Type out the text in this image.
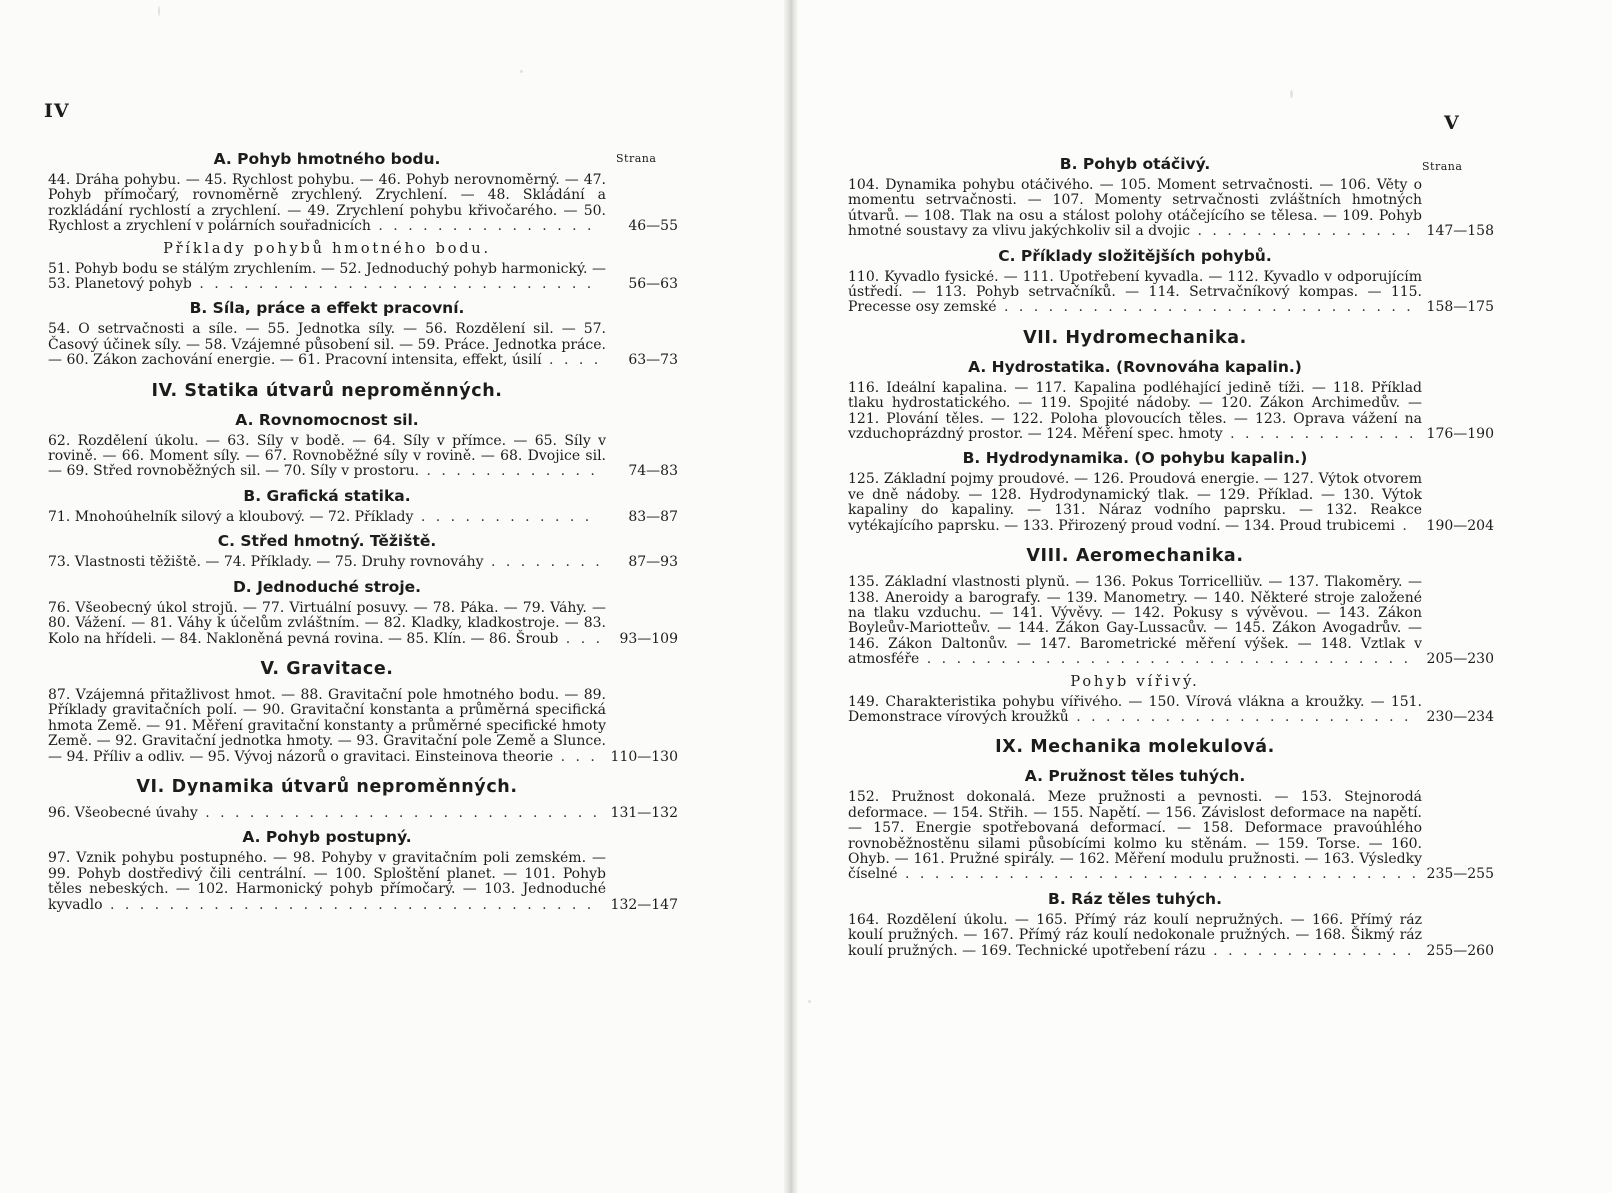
IV
Strana
A. Pohyb hmotného bodu.
44. Dráha pohybu. — 45. Rychlost pohybu. — 46. Pohyb nerovnoměrný. — 47. Pohyb přímočarý, rovnoměrně zrychlený. Zrychlení. — 48. Skládání a rozkládání rychlostí a zrychlení. — 49. Zrychlení pohybu křivočarého. — 50. Rychlost a zrychlení v polárních souřadnicích . . . . . . . . . . . . . . .	46—55
Příklady pohybů hmotného bodu.
51. Pohyb bodu se stálým zrychlením. — 52. Jednoduchý pohyb harmonický. — 53. Planetový pohyb . . . . . . . . . . . . . . . . . . . . . . . . . . .	56—63
B. Síla, práce a effekt pracovní.
54. O setrvačnosti a síle. — 55. Jednotka síly. — 56. Rozdělení sil. — 57. Časový účinek síly. — 58. Vzájemné působení sil. — 59. Práce. Jednotka práce. — 60. Zákon zachování energie. — 61. Pracovní intensita, effekt, úsilí . . . .	63—73
IV. Statika útvarů neproměnných.
A. Rovnomocnost sil.
62. Rozdělení úkolu. — 63. Síly v bodě. — 64. Síly v přímce. — 65. Síly v rovině. — 66. Moment síly. — 67. Rovnoběžné síly v rovině. — 68. Dvojice sil. — 69. Střed rovnoběžných sil. — 70. Síly v prostoru. . . . . . . . . . . . .	74—83
B. Grafická statika.
71. Mnohoúhelník silový a kloubový. — 72. Příklady . . . . . . . . . . . .	83—87
C. Střed hmotný. Těžiště.
73. Vlastnosti těžiště. — 74. Příklady. — 75. Druhy rovnováhy . . . . . . . .	87—93
D. Jednoduché stroje.
76. Všeobecný úkol strojů. — 77. Virtuální posuvy. — 78. Páka. — 79. Váhy. — 80. Vážení. — 81. Váhy k účelům zvláštním. — 82. Kladky, kladkostroje. — 83. Kolo na hřídeli. — 84. Nakloněná pevná rovina. — 85. Klín. — 86. Šroub . . .	93—109
V. Gravitace.
87. Vzájemná přitažlivost hmot. — 88. Gravitační pole hmotného bodu. — 89. Příklady gravitačních polí. — 90. Gravitační konstanta a průměrná specifická hmota Země. — 91. Měření gravitační konstanty a průměrné specifické hmoty Země. — 92. Gravitační jednotka hmoty. — 93. Gravitační pole Země a Slunce. — 94. Příliv a odliv. — 95. Vývoj názorů o gravitaci. Einsteinova theorie . . . 110—130
VI. Dynamika útvarů neproměnných.
96. Všeobecné úvahy . . . . . . . . . . . . . . . . . . . . . . . . . . . 131—132
A. Pohyb postupný.
97. Vznik pohybu postupného. — 98. Pohyby v gravitačním poli zemském. — 99. Pohyb dostředivý čili centrální. — 100. Sploštění planet. — 101. Pohyb těles nebeských. — 102. Harmonický pohyb přímočarý. — 103. Jednoduché kyvadlo . . . . . . . . . . . . . . . . . . . . . . . . . . . . . . . . .	132—147
V
Strana
B. Pohyb otáčivý.
104. Dynamika pohybu otáčivého. — 105. Moment setrvačnosti. — 106. Věty o momentu setrvačnosti. — 107. Momenty setrvačnosti zvláštních hmotných útvarů. — 108. Tlak na osu a stálost polohy otáčejícího se tělesa. — 109. Pohyb hmotné soustavy za vlivu jakýchkoliv sil a dvojic . . . . . . . . . . . . . . . 147—158
C. Příklady složitějších pohybů.
110. Kyvadlo fysické. — 111. Upotřebení kyvadla. — 112. Kyvadlo v odporujícím ústředí. — 113. Pohyb setrvačníků. — 114. Setrvačníkový kompas. — 115. Precesse osy zemské . . . . . . . . . . . . . . . . . . . . . . . . . . . . 158—175
VII. Hydromechanika.
A. Hydrostatika. (Rovnováha kapalin.)
116. Ideální kapalina. — 117. Kapalina podléhající jedině tíži. — 118. Příklad tlaku hydrostatického. — 119. Spojité nádoby. — 120. Zákon Archimedův. — 121. Plování těles. — 122. Poloha plovoucích těles. — 123. Oprava vážení na vzduchoprázdný prostor. — 124. Měření spec. hmoty . . . . . . . . . . . . . 176—190
B. Hydrodynamika. (O pohybu kapalin.)
125. Základní pojmy proudové. — 126. Proudová energie. — 127. Výtok otvorem ve dně nádoby. — 128. Hydrodynamický tlak. — 129. Příklad. — 130. Výtok kapaliny do kapaliny. — 131. Náraz vodního paprsku. — 132. Reakce vytékajícího paprsku. — 133. Přirozený proud vodní. — 134. Proud trubicemi .	190—204
VIII. Aeromechanika.
135. Základní vlastnosti plynů. — 136. Pokus Torricelliův. — 137. Tlakoměry. — 138. Aneroidy a barografy. — 139. Manometry. — 140. Některé stroje založené na tlaku vzduchu. — 141. Vývěvy. — 142. Pokusy s vývěvou. — 143. Zákon Boyleův-Mariotteův. — 144. Zákon Gay-Lussacův. — 145. Zákon Avogadrův. — 146. Zákon Daltonův. — 147. Barometrické měření výšek. — 148. Vztlak v atmosféře . . . . . . . . . . . . . . . . . . . . . . . . . . . . . . . . .	205—230
Pohyb vířivý.
149. Charakteristika pohybu vířivého. — 150. Vírová vlákna a kroužky. — 151. Demonstrace vírových kroužků . . . . . . . . . . . . . . . . . . . . . . .	230—234
IX. Mechanika molekulová.
A. Pružnost těles tuhých.
152. Pružnost dokonalá. Meze pružnosti a pevnosti. — 153. Stejnorodá deformace. — 154. Střih. — 155. Napětí. — 156. Závislost deformace na napětí. — 157. Energie spotřebovaná deformací. — 158. Deformace pravoúhlého rovnoběžnostěnu silami působícími kolmo ku stěnám. — 159. Torse. — 160. Ohyb. — 161. Pružné spirály. — 162. Měření modulu pružnosti. — 163. Výsledky číselné . . . . . . . . . . . . . . . . . . . . . . . . . . . . . . . . . . . 235—255
B. Ráz těles tuhých.
164. Rozdělení úkolu. — 165. Přímý ráz koulí nepružných. — 166. Přímý ráz koulí pružných. — 167. Přímý ráz koulí nedokonale pružných. — 168. Šikmý ráz koulí pružných. — 169. Technické upotřebení rázu . . . . . . . . . . . . . . 255—260
